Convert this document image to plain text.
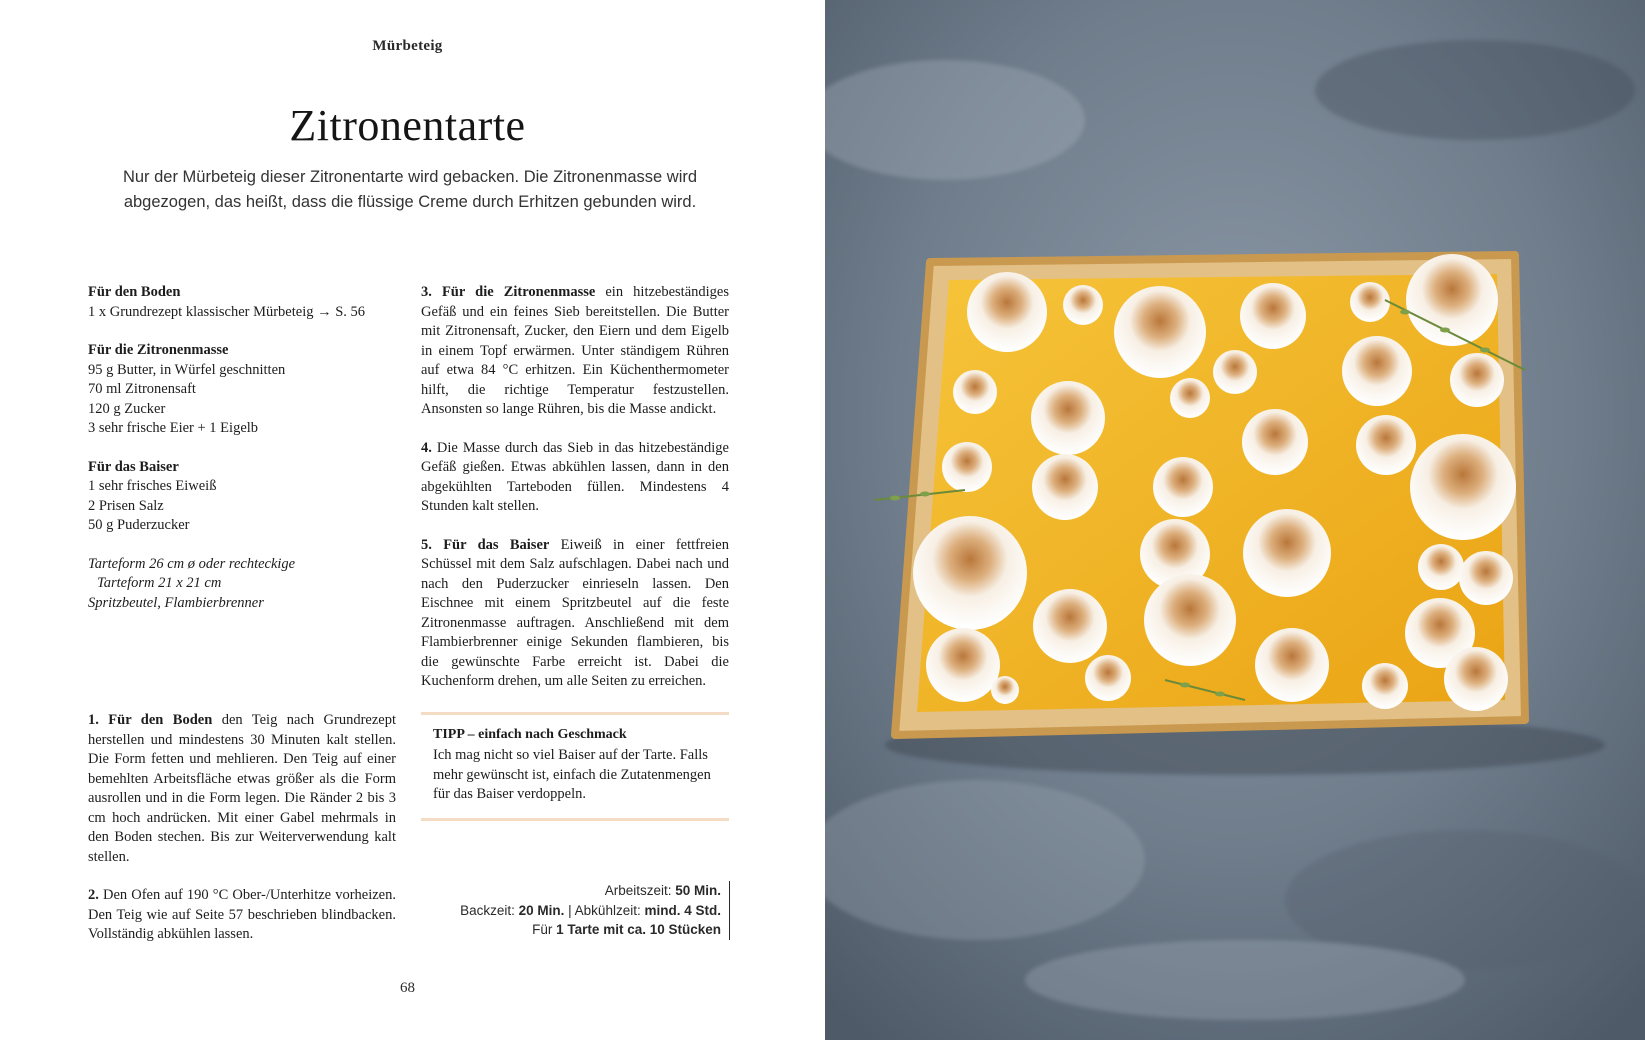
Mürbeteig
Zitronentarte

Nur der Mürbeteig dieser Zitronentarte wird gebacken. Die Zitronenmasse wird abgezogen, das heißt, dass die flüssige Creme durch Erhitzen gebunden wird.

Für den Boden
1 x Grundrezept klassischer Mürbeteig → S. 56
Für die Zitronenmasse
95 g Butter, in Würfel geschnitten
70 ml Zitronensaft
120 g Zucker
3 sehr frische Eier + 1 Eigelb
Für das Baiser
1 sehr frisches Eiweiß
2 Prisen Salz
50 g Puderzucker
Tarteform 26 cm ø oder rechteckige
Tarteform 21 x 21 cm
Spritzbeutel, Flambierbrenner

3. Für die Zitronenmasse ein hitzebeständiges Gefäß und ein feines Sieb bereitstellen. Die Butter mit Zitronensaft, Zucker, den Eiern und dem Eigelb in einem Topf erwärmen. Unter ständigem Rühren auf etwa 84 °C erhitzen. Ein Küchenthermometer hilft, die richtige Temperatur festzustellen. Ansonsten so lange Rühren, bis die Masse andickt.

4. Die Masse durch das Sieb in das hitzebeständige Gefäß gießen. Etwas abkühlen lassen, dann in den abgekühlten Tarteboden füllen. Mindestens 4 Stunden kalt stellen.

5. Für das Baiser Eiweiß in einer fettfreien Schüssel mit dem Salz aufschlagen. Dabei nach und nach den Puderzucker einrieseln lassen. Den Eischnee mit einem Spritzbeutel auf die feste Zitronenmasse auftragen. Anschließend mit dem Flambierbrenner einige Sekunden flambieren, bis die gewünschte Farbe erreicht ist. Dabei die Kuchenform drehen, um alle Seiten zu erreichen.

1. Für den Boden den Teig nach Grundrezept herstellen und mindestens 30 Minuten kalt stellen. Die Form fetten und mehlieren. Den Teig auf einer bemehlten Arbeitsfläche etwas größer als die Form ausrollen und in die Form legen. Die Ränder 2 bis 3 cm hoch andrücken. Mit einer Gabel mehrmals in den Boden stechen. Bis zur Weiterverwendung kalt stellen.

2. Den Ofen auf 190 °C Ober-/Unterhitze vorheizen. Den Teig wie auf Seite 57 beschrieben blindbacken. Vollständig abkühlen lassen.

TIPP – einfach nach Geschmack
Ich mag nicht so viel Baiser auf der Tarte. Falls mehr gewünscht ist, einfach die Zutatenmengen für das Baiser verdoppeln.
Arbeitszeit: 50 Min.
Backzeit: 20 Min. | Abkühlzeit: mind. 4 Std.
Für 1 Tarte mit ca. 10 Stücken
68
